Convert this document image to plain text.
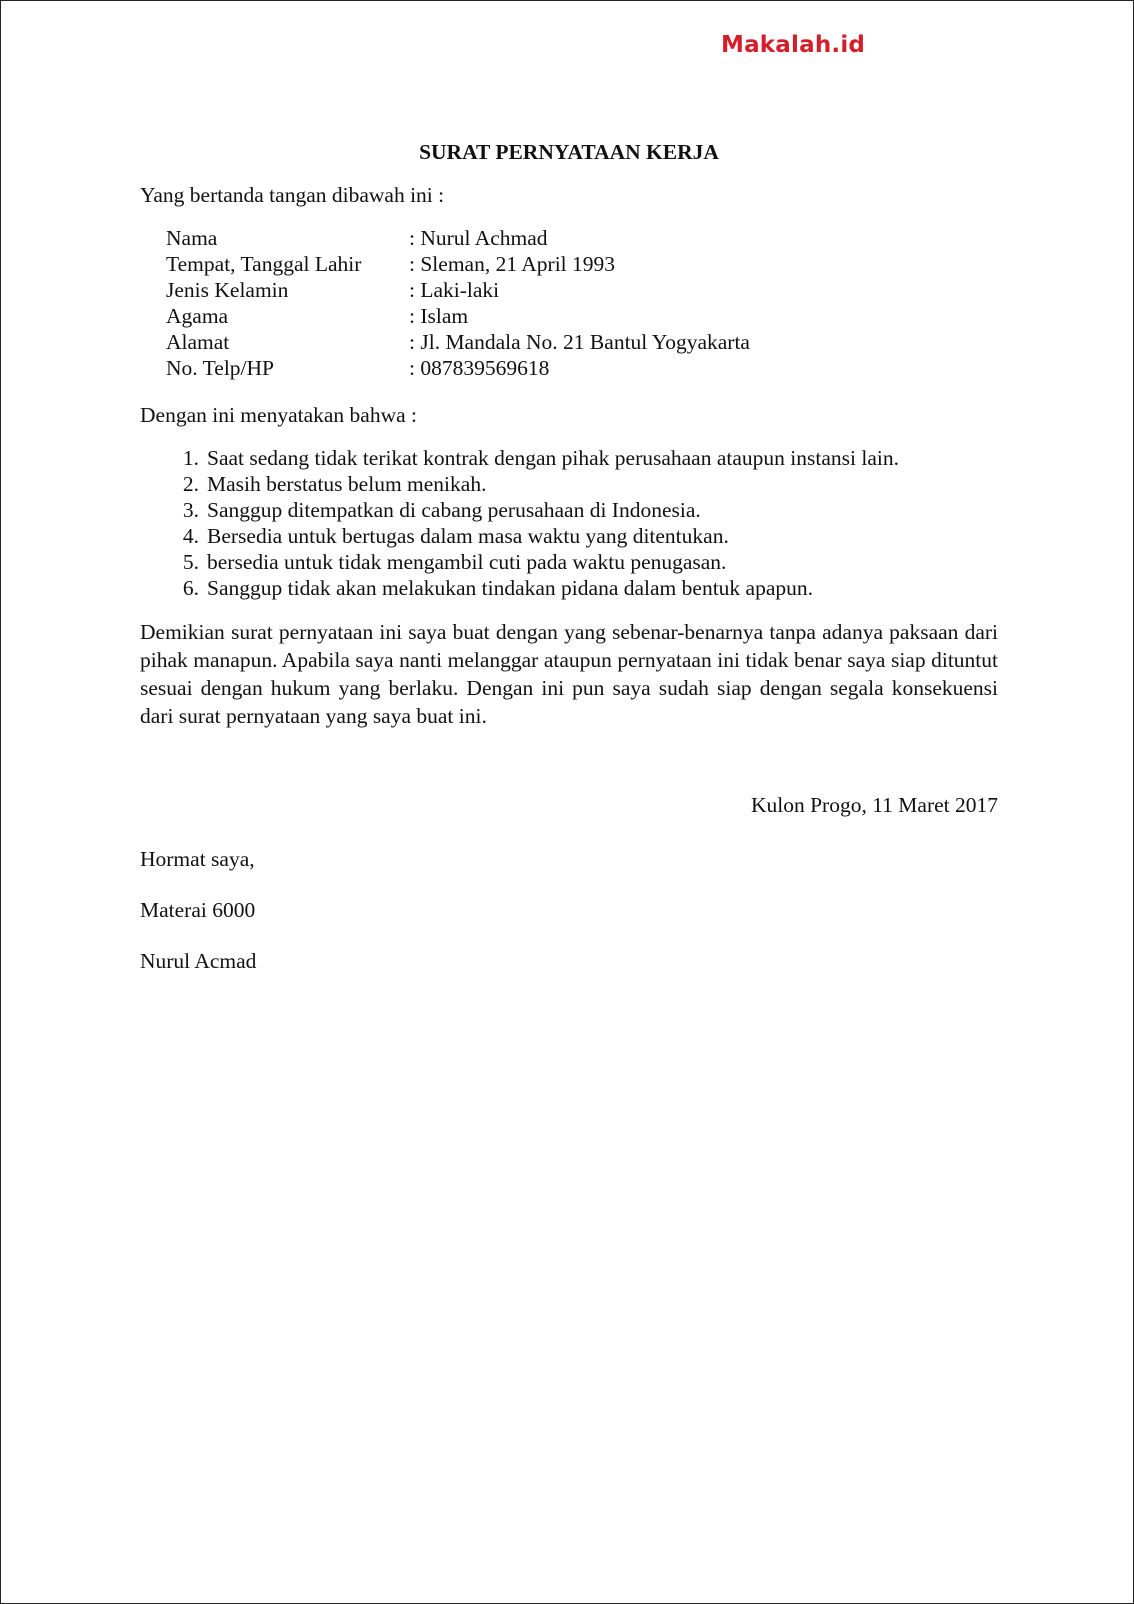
Makalah.id
SURAT PERNYATAAN KERJA

Yang bertanda tangan dibawah ini :

Nama	: Nurul Achmad
Tempat, Tanggal Lahir	: Sleman, 21 April 1993
Jenis Kelamin	: Laki-laki
Agama	: Islam
Alamat	: Jl. Mandala No. 21 Bantul Yogyakarta
No. Telp/HP	: 087839569618

Dengan ini menyatakan bahwa :

1. Saat sedang tidak terikat kontrak dengan pihak perusahaan ataupun instansi lain.
2. Masih berstatus belum menikah.
3. Sanggup ditempatkan di cabang perusahaan di Indonesia.
4. Bersedia untuk bertugas dalam masa waktu yang ditentukan.
5. bersedia untuk tidak mengambil cuti pada waktu penugasan.
6. Sanggup tidak akan melakukan tindakan pidana dalam bentuk apapun.

Demikian surat pernyataan ini saya buat dengan yang sebenar-benarnya tanpa adanya paksaan dari pihak manapun. Apabila saya nanti melanggar ataupun pernyataan ini tidak benar saya siap dituntut sesuai dengan hukum yang berlaku. Dengan ini pun saya sudah siap dengan segala konsekuensi dari surat pernyataan yang saya buat ini.

Kulon Progo, 11 Maret 2017

Hormat saya,

Materai 6000

Nurul Acmad
